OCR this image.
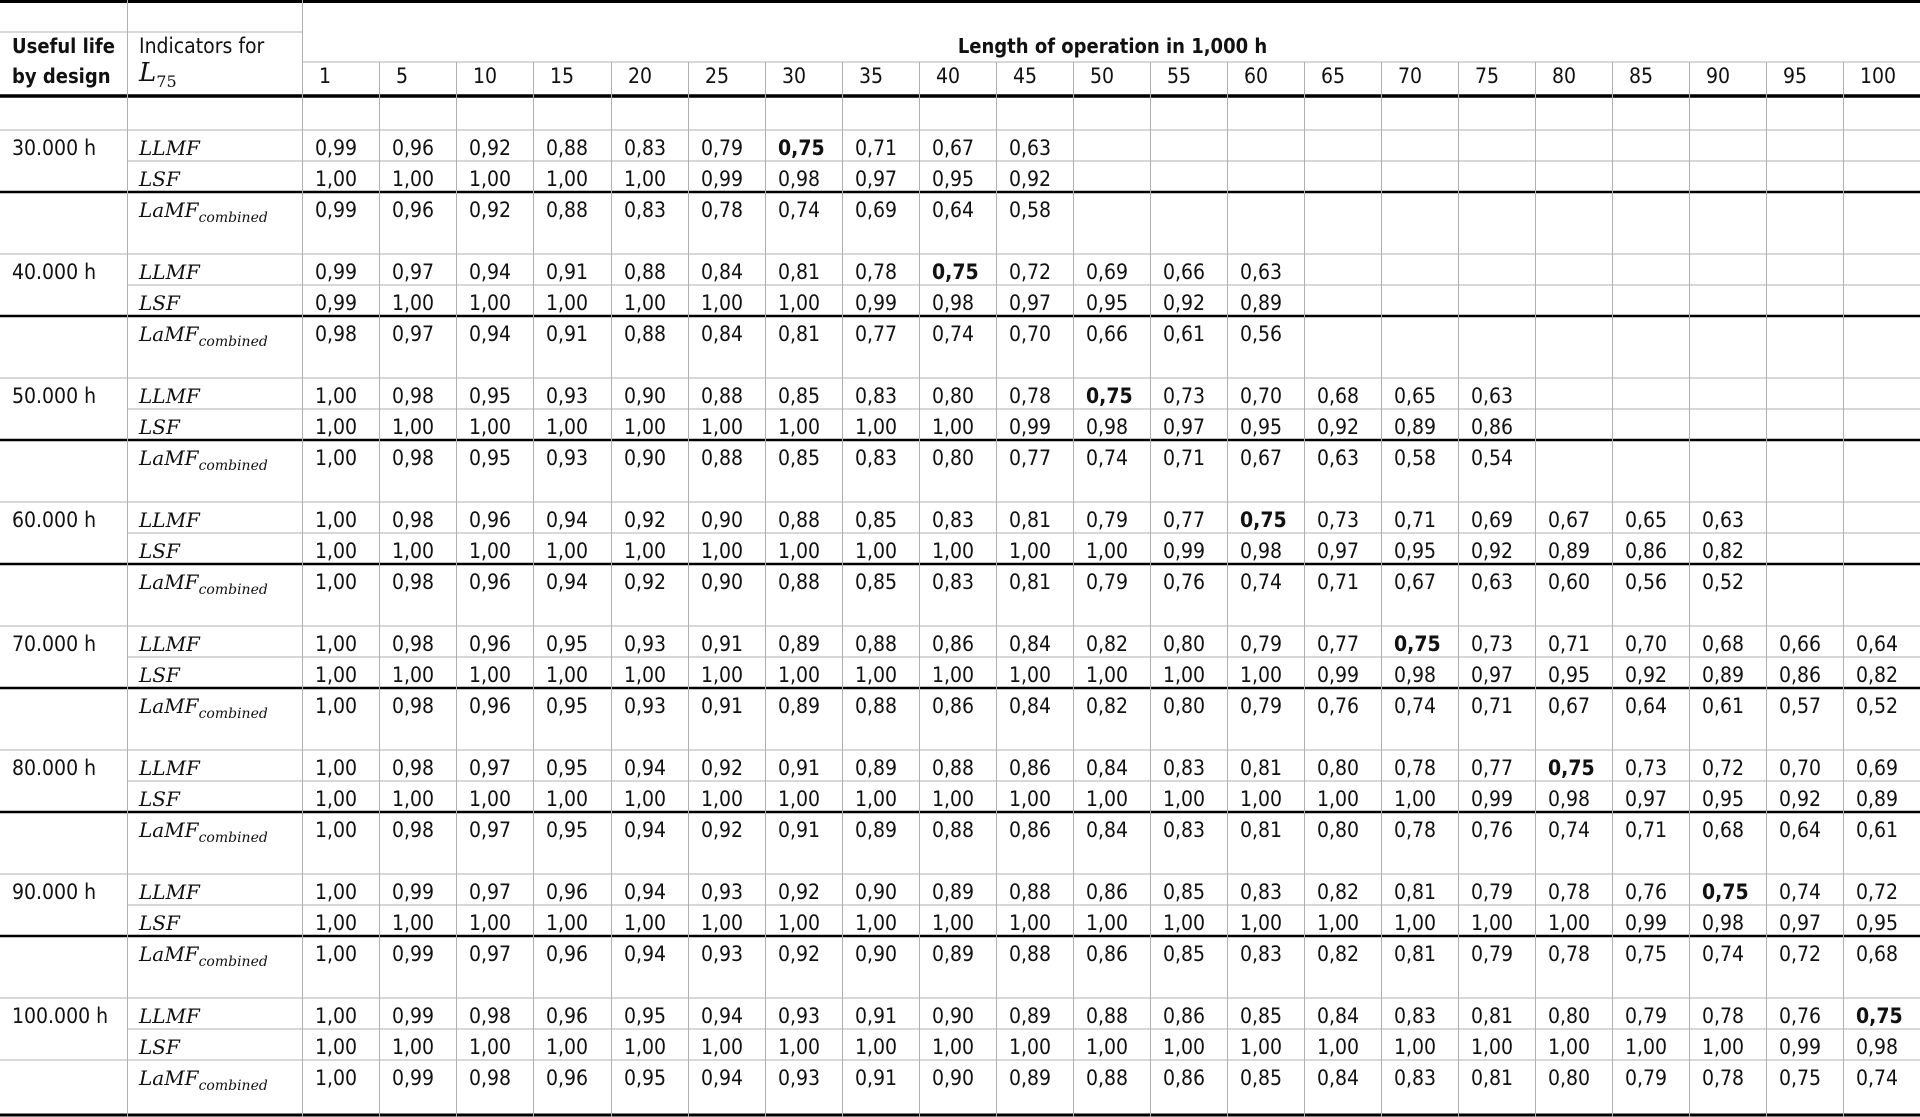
Useful life
by design
Indicators for
$L_{75}$
Length of operation in 1,000 h
1	5	10	15	20	25	30	35	40	45	50	55	60	65	70	75	80	85	90	95	100
30.000 h LLMF	0,99 0,96 0,92 0,88 0,83 0,79 0,75 0,71 0,67 0,63
LSF	1,00 1,00 1,00 1,00 1,00 0,99 0,98 0,97 0,95 0,92
LaMF$_{combined}$ 0,99 0,96 0,92 0,88 0,83 0,78 0,74 0,69 0,64 0,58
40.000 h LLMF	0,99 0,97 0,94 0,91 0,88 0,84 0,81 0,78 0,75 0,72 0,69 0,66 0,63
LSF	0,99 1,00 1,00 1,00 1,00 1,00 1,00 0,99 0,98 0,97 0,95 0,92 0,89
LaMF$_{combined}$ 0,98 0,97 0,94 0,91 0,88 0,84 0,81 0,77 0,74 0,70 0,66 0,61 0,56
50.000 h LLMF	1,00 0,98 0,95 0,93 0,90 0,88 0,85 0,83 0,80 0,78 0,75 0,73 0,70 0,68 0,65 0,63
LSF	1,00 1,00 1,00 1,00 1,00 1,00 1,00 1,00 1,00 0,99 0,98 0,97 0,95 0,92 0,89 0,86
LaMF$_{combined}$ 1,00 0,98 0,95 0,93 0,90 0,88 0,85 0,83 0,80 0,77 0,74 0,71 0,67 0,63 0,58 0,54
60.000 h LLMF	1,00 0,98 0,96 0,94 0,92 0,90 0,88 0,85 0,83 0,81 0,79 0,77 0,75 0,73 0,71 0,69 0,67 0,65 0,63
LSF	1,00 1,00 1,00 1,00 1,00 1,00 1,00 1,00 1,00 1,00 1,00 0,99 0,98 0,97 0,95 0,92 0,89 0,86 0,82
LaMF$_{combined}$ 1,00 0,98 0,96 0,94 0,92 0,90 0,88 0,85 0,83 0,81 0,79 0,76 0,74 0,71 0,67 0,63 0,60 0,56 0,52
70.000 h LLMF	1,00 0,98 0,96 0,95 0,93 0,91 0,89 0,88 0,86 0,84 0,82 0,80 0,79 0,77 0,75 0,73 0,71 0,70 0,68 0,66 0,64
LSF	1,00 1,00 1,00 1,00 1,00 1,00 1,00 1,00 1,00 1,00 1,00 1,00 1,00 0,99 0,98 0,97 0,95 0,92 0,89 0,86 0,82
LaMF$_{combined}$ 1,00 0,98 0,96 0,95 0,93 0,91 0,89 0,88 0,86 0,84 0,82 0,80 0,79 0,76 0,74 0,71 0,67 0,64 0,61 0,57 0,52
80.000 h LLMF	1,00 0,98 0,97 0,95 0,94 0,92 0,91 0,89 0,88 0,86 0,84 0,83 0,81 0,80 0,78 0,77 0,75 0,73 0,72 0,70 0,69
LSF	1,00 1,00 1,00 1,00 1,00 1,00 1,00 1,00 1,00 1,00 1,00 1,00 1,00 1,00 1,00 0,99 0,98 0,97 0,95 0,92 0,89
LaMF$_{combined}$ 1,00 0,98 0,97 0,95 0,94 0,92 0,91 0,89 0,88 0,86 0,84 0,83 0,81 0,80 0,78 0,76 0,74 0,71 0,68 0,64 0,61
90.000 h LLMF	1,00 0,99 0,97 0,96 0,94 0,93 0,92 0,90 0,89 0,88 0,86 0,85 0,83 0,82 0,81 0,79 0,78 0,76 0,75 0,74 0,72
LSF	1,00 1,00 1,00 1,00 1,00 1,00 1,00 1,00 1,00 1,00 1,00 1,00 1,00 1,00 1,00 1,00 1,00 0,99 0,98 0,97 0,95
LaMF$_{combined}$ 1,00 0,99 0,97 0,96 0,94 0,93 0,92 0,90 0,89 0,88 0,86 0,85 0,83 0,82 0,81 0,79 0,78 0,75 0,74 0,72 0,68
100.000 h LLMF	1,00 0,99 0,98 0,96 0,95 0,94 0,93 0,91 0,90 0,89 0,88 0,86 0,85 0,84 0,83 0,81 0,80 0,79 0,78 0,76 0,75
LSF	1,00 1,00 1,00 1,00 1,00 1,00 1,00 1,00 1,00 1,00 1,00 1,00 1,00 1,00 1,00 1,00 1,00 1,00 1,00 0,99 0,98
LaMF$_{combined}$ 1,00 0,99 0,98 0,96 0,95 0,94 0,93 0,91 0,90 0,89 0,88 0,86 0,85 0,84 0,83 0,81 0,80 0,79 0,78 0,75 0,74
